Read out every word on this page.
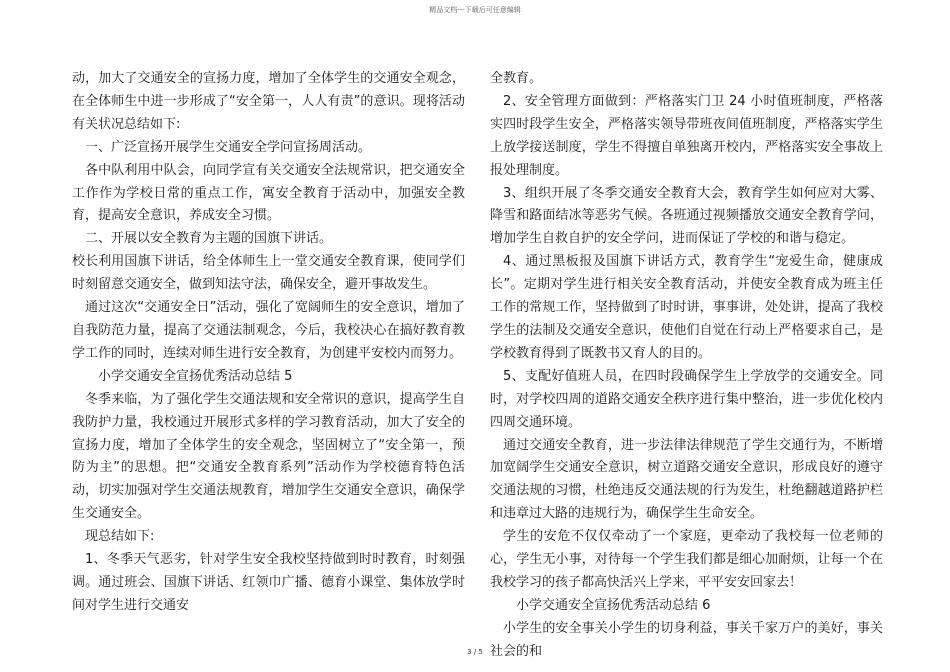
精品文档---下载后可任意编辑

动，加大了交通安全的宣扬力度，增加了全体学生的交通安全观念，在全体师生中进一步形成了“安全第一，人人有责”的意识。现将活动有关状况总结如下:

一、广泛宣扬开展学生交通安全学问宣扬周活动。

各中队利用中队会，向同学宣有关交通安全法规常识，把交通安全工作作为学校日常的重点工作，寓安全教育于活动中，加强安全教育，提高安全意识，养成安全习惯。

二、开展以安全教育为主题的国旗下讲话。

校长利用国旗下讲话，给全体师生上一堂交通安全教育课，使同学们时刻留意交通安全，做到知法守法，确保安全，避开事故发生。

通过这次“交通安全日”活动，强化了宽阔师生的安全意识，增加了自我防范力量，提高了交通法制观念，今后，我校决心在搞好教育教学工作的同时，连续对师生进行安全教育，为创建平安校内而努力。

小学交通安全宣扬优秀活动总结 5

冬季来临，为了强化学生交通法规和安全常识的意识，提高学生自我防护力量，我校通过开展形式多样的学习教育活动，加大了安全的宣扬力度，增加了全体学生的安全观念，坚固树立了“安全第一，预防为主”的思想。把“交通安全教育系列”活动作为学校德育特色活动，切实加强对学生交通法规教育，增加学生交通安全意识，确保学生交通安全。

现总结如下:

1、冬季天气恶劣，针对学生安全我校坚持做到时时教育，时刻强调。通过班会、国旗下讲话、红领巾广播、德育小课堂、集体放学时间对学生进行交通安

全教育。

2、安全管理方面做到：严格落实门卫 24 小时值班制度，严格落实四时段学生安全，严格落实领导带班夜间值班制度，严格落实学生上放学接送制度，学生不得擅自单独离开校内，严格落实安全事故上报处理制度。

3、组织开展了冬季交通安全教育大会，教育学生如何应对大雾、降雪和路面结冰等恶劣气候。各班通过视频播放交通安全教育学问，增加学生自救自护的安全学问，进而保证了学校的和谐与稳定。

4、通过黑板报及国旗下讲话方式，教育学生“宠爱生命，健康成长”。定期对学生进行相关安全教育活动，并使安全教育成为班主任工作的常规工作，坚持做到了时时讲，事事讲，处处讲，提高了我校学生的法制及交通安全意识，使他们自觉在行动上严格要求自己，是学校教育得到了既教书又育人的目的。

5、支配好值班人员，在四时段确保学生上学放学的交通安全。同时，对学校四周的道路交通安全秩序进行集中整治，进一步优化校内四周交通环境。

通过交通安全教育，进一步法律法律规范了学生交通行为，不断增加宽阔学生交通安全意识，树立道路交通安全意识，形成良好的遵守交通法规的习惯，杜绝违反交通法规的行为发生，杜绝翻越道路护栏和违章过大路的违规行为，确保学生生命安全。

学生的安危不仅仅牵动了一个家庭，更牵动了我校每一位老师的心，学生无小事，对待每一个学生我们都是细心加耐烦，让每一个在我校学习的孩子都高快活兴上学来，平平安安回家去！

小学交通安全宣扬优秀活动总结 6

小学生的安全事关小学生的切身利益，事关千家万户的美好，事关社会的和

3 / 5
